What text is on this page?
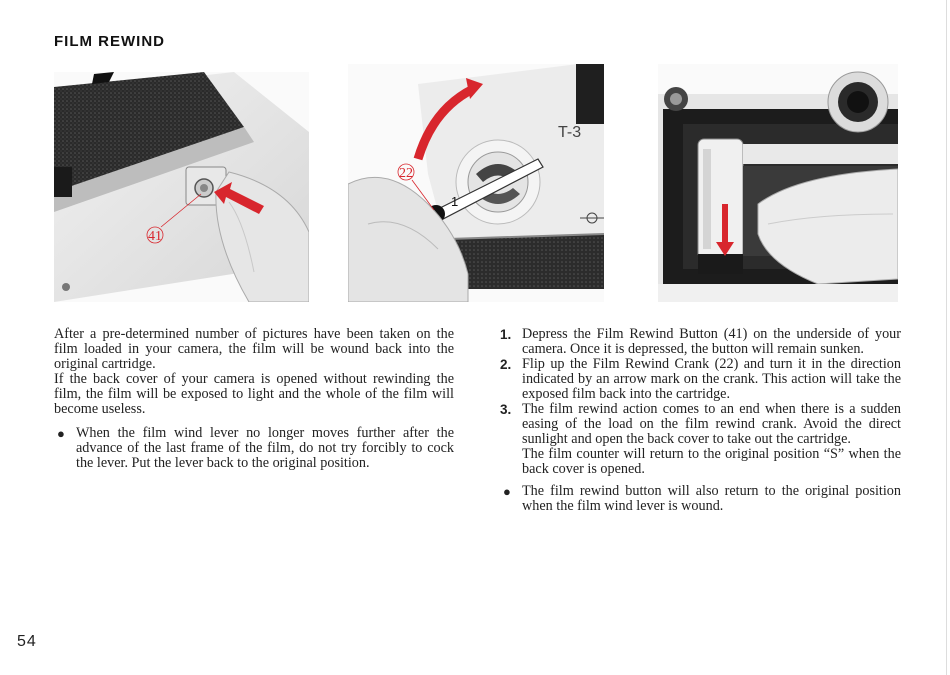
FILM REWIND
41
1
22
T-3

After a pre-determined number of pictures have been taken on the film loaded in your camera, the film will be wound back into the original cartridge.

If the back cover of your camera is opened without rewinding the film, the film will be exposed to light and the whole of the film will become useless.

● When the film wind lever no longer moves further after the advance of the last frame of the film, do not try forcibly to cock the lever. Put the lever back to the original position.
1. Depress the Film Rewind Button (41) on the underside of your camera. Once it is depressed, the button will remain sunken.
2. Flip up the Film Rewind Crank (22) and turn it in the direction indicated by an arrow mark on the crank. This action will take the exposed film back into the cartridge.
3. The film rewind action comes to an end when there is a sudden easing of the load on the film rewind crank. Avoid the direct sunlight and open the back cover to take out the cartridge.
The film counter will return to the original position “S” when the back cover is opened.
● The film rewind button will also return to the original position when the film wind lever is wound.
54
